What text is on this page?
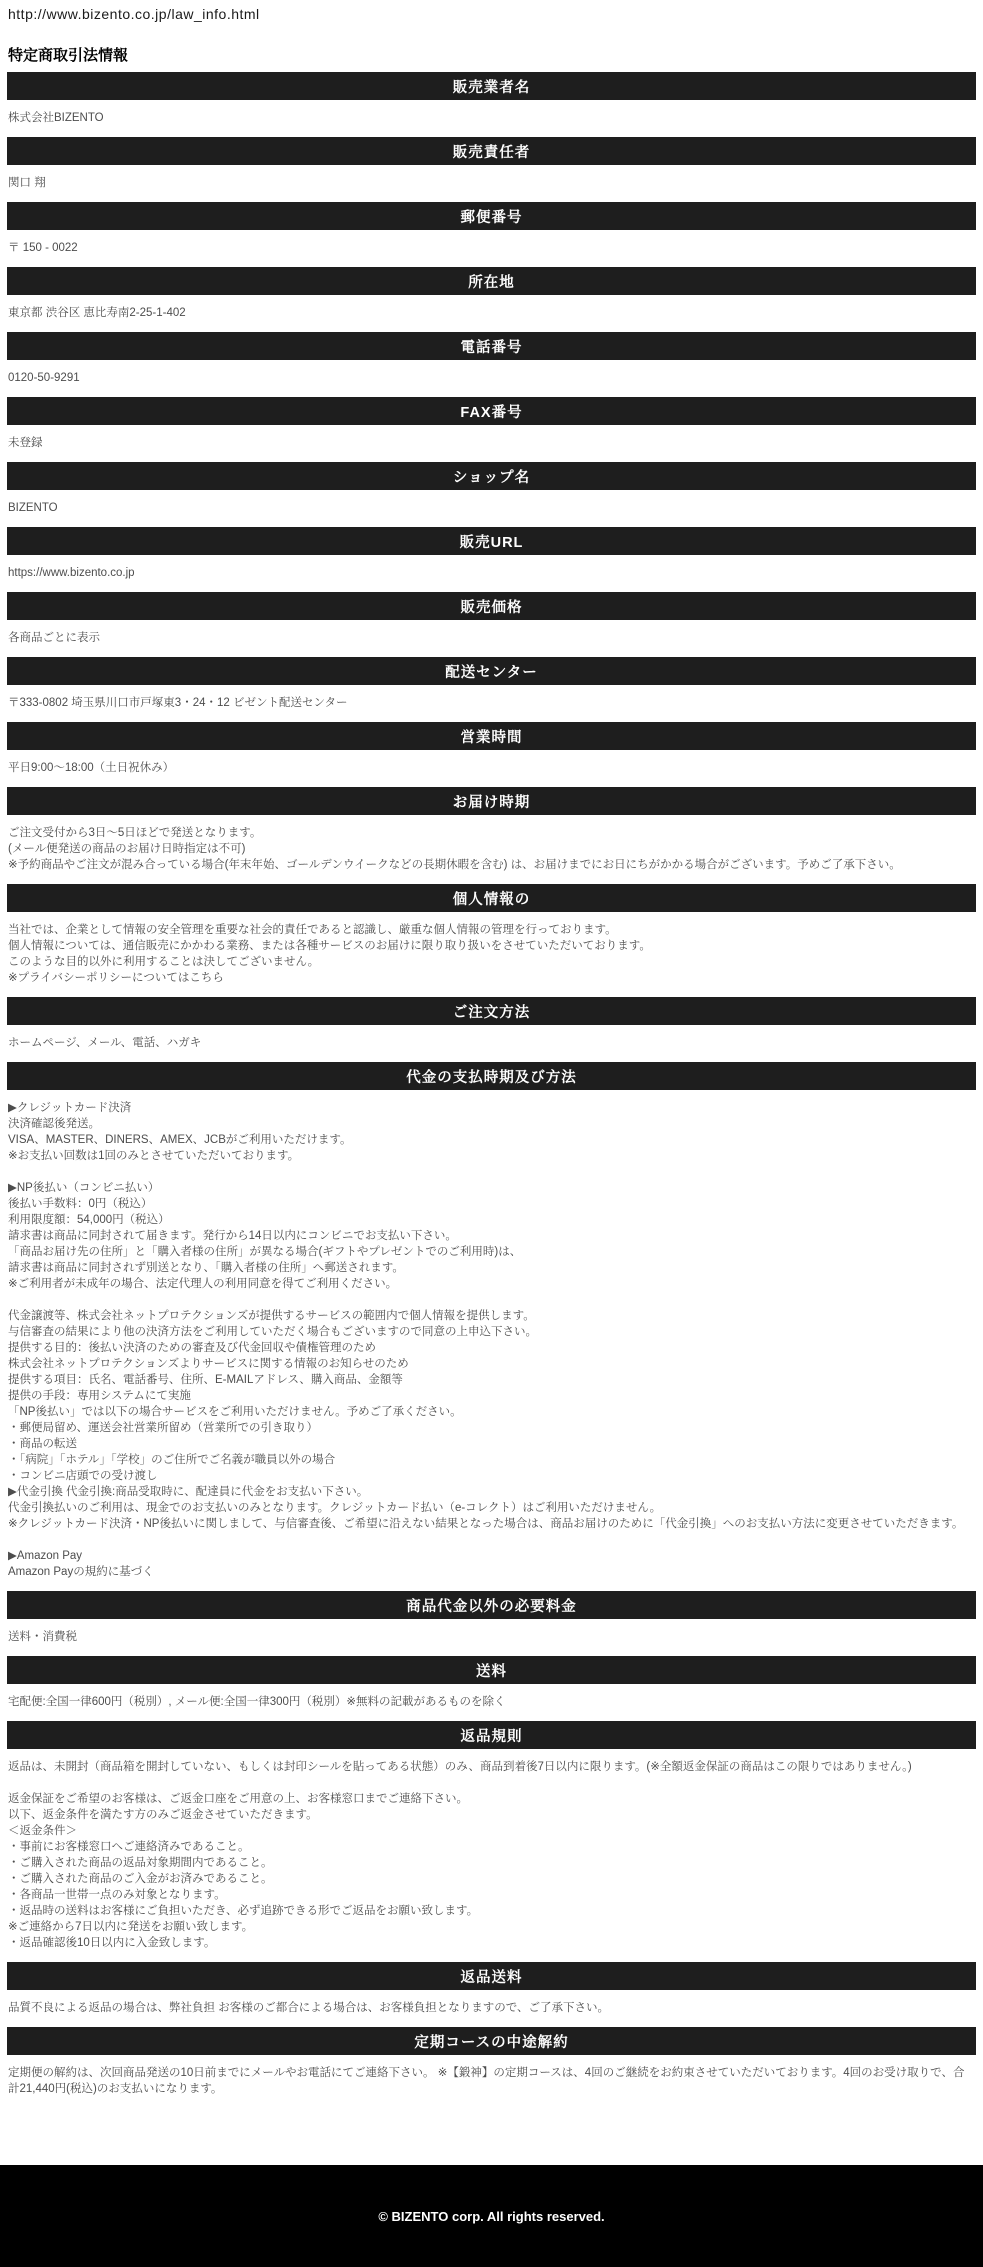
http://www.bizento.co.jp/law_info.html
特定商取引法情報
販売業者名
株式会社BIZENTO
販売責任者
関口 翔
郵便番号
〒 150 - 0022
所在地
東京都 渋谷区 恵比寿南2-25-1-402
電話番号
0120-50-9291
FAX番号
未登録
ショップ名
BIZENTO
販売URL
https://www.bizento.co.jp
販売価格
各商品ごとに表示
配送センター
〒333-0802 埼玉県川口市戸塚東3・24・12 ビゼント配送センター
営業時間
平日9:00～18:00（土日祝休み）
お届け時期
ご注文受付から3日～5日ほどで発送となります。
(メール便発送の商品のお届け日時指定は不可)
※予約商品やご注文が混み合っている場合(年末年始、ゴールデンウイークなどの長期休暇を含む) は、お届けまでにお日にちがかかる場合がございます。予めご了承下さい。
個人情報の
当社では、企業として情報の安全管理を重要な社会的責任であると認識し、厳重な個人情報の管理を行っております。
個人情報については、通信販売にかかわる業務、または各種サービスのお届けに限り取り扱いをさせていただいております。
このような目的以外に利用することは決してございません。
※プライバシーポリシーについてはこちら
ご注文方法
ホームページ、メール、電話、ハガキ
代金の支払時期及び方法
▶クレジットカード決済
決済確認後発送。
VISA、MASTER、DINERS、AMEX、JCBがご利用いただけます。
※お支払い回数は1回のみとさせていただいております。
▶NP後払い（コンビニ払い）
後払い手数料：0円（税込）
利用限度額：54,000円（税込）
請求書は商品に同封されて届きます。発行から14日以内にコンビニでお支払い下さい。
「商品お届け先の住所」と「購入者様の住所」が異なる場合(ギフトやプレゼントでのご利用時)は、
請求書は商品に同封されず別送となり、「購入者様の住所」へ郵送されます。
※ご利用者が未成年の場合、法定代理人の利用同意を得てご利用ください。
代金譲渡等、株式会社ネットプロテクションズが提供するサービスの範囲内で個人情報を提供します。
与信審査の結果により他の決済方法をご利用していただく場合もございますので同意の上申込下さい。
提供する目的：後払い決済のための審査及び代金回収や債権管理のため
株式会社ネットプロテクションズよりサービスに関する情報のお知らせのため
提供する項目：氏名、電話番号、住所、E-MAILアドレス、購入商品、金額等
提供の手段：専用システムにて実施
「NP後払い」では以下の場合サービスをご利用いただけません。予めご了承ください。
・郵便局留め、運送会社営業所留め（営業所での引き取り）
・商品の転送
・「病院」「ホテル」「学校」のご住所でご名義が職員以外の場合
・コンビニ店頭での受け渡し
▶代金引換 代金引換:商品受取時に、配達員に代金をお支払い下さい。
代金引換払いのご利用は、現金でのお支払いのみとなります。クレジットカード払い（e-コレクト）はご利用いただけません。
※クレジットカード決済・NP後払いに関しまして、与信審査後、ご希望に沿えない結果となった場合は、商品お届けのために「代金引換」へのお支払い方法に変更させていただきます。
▶Amazon Pay
Amazon Payの規約に基づく
商品代金以外の必要料金
送料・消費税
送料
宅配便:全国一律600円（税別）, メール便:全国一律300円（税別）※無料の記載があるものを除く
返品規則
返品は、未開封（商品箱を開封していない、もしくは封印シールを貼ってある状態）のみ、商品到着後7日以内に限ります。(※全額返金保証の商品はこの限りではありません。)
返金保証をご希望のお客様は、ご返金口座をご用意の上、お客様窓口までご連絡下さい。
以下、返金条件を満たす方のみご返金させていただきます。
＜返金条件＞
・事前にお客様窓口へご連絡済みであること。
・ご購入された商品の返品対象期間内であること。
・ご購入された商品のご入金がお済みであること。
・各商品一世帯一点のみ対象となります。
・返品時の送料はお客様にご負担いただき、必ず追跡できる形でご返品をお願い致します。
※ご連絡から7日以内に発送をお願い致します。
・返品確認後10日以内に入金致します。
返品送料
品質不良による返品の場合は、弊社負担 お客様のご都合による場合は、お客様負担となりますので、ご了承下さい。
定期コースの中途解約
定期便の解約は、次回商品発送の10日前までにメールやお電話にてご連絡下さい。 ※【鍛神】の定期コースは、4回のご継続をお約束させていただいております。4回のお受け取りで、合計21,440円(税込)のお支払いになります。
© BIZENTO corp. All rights reserved.
